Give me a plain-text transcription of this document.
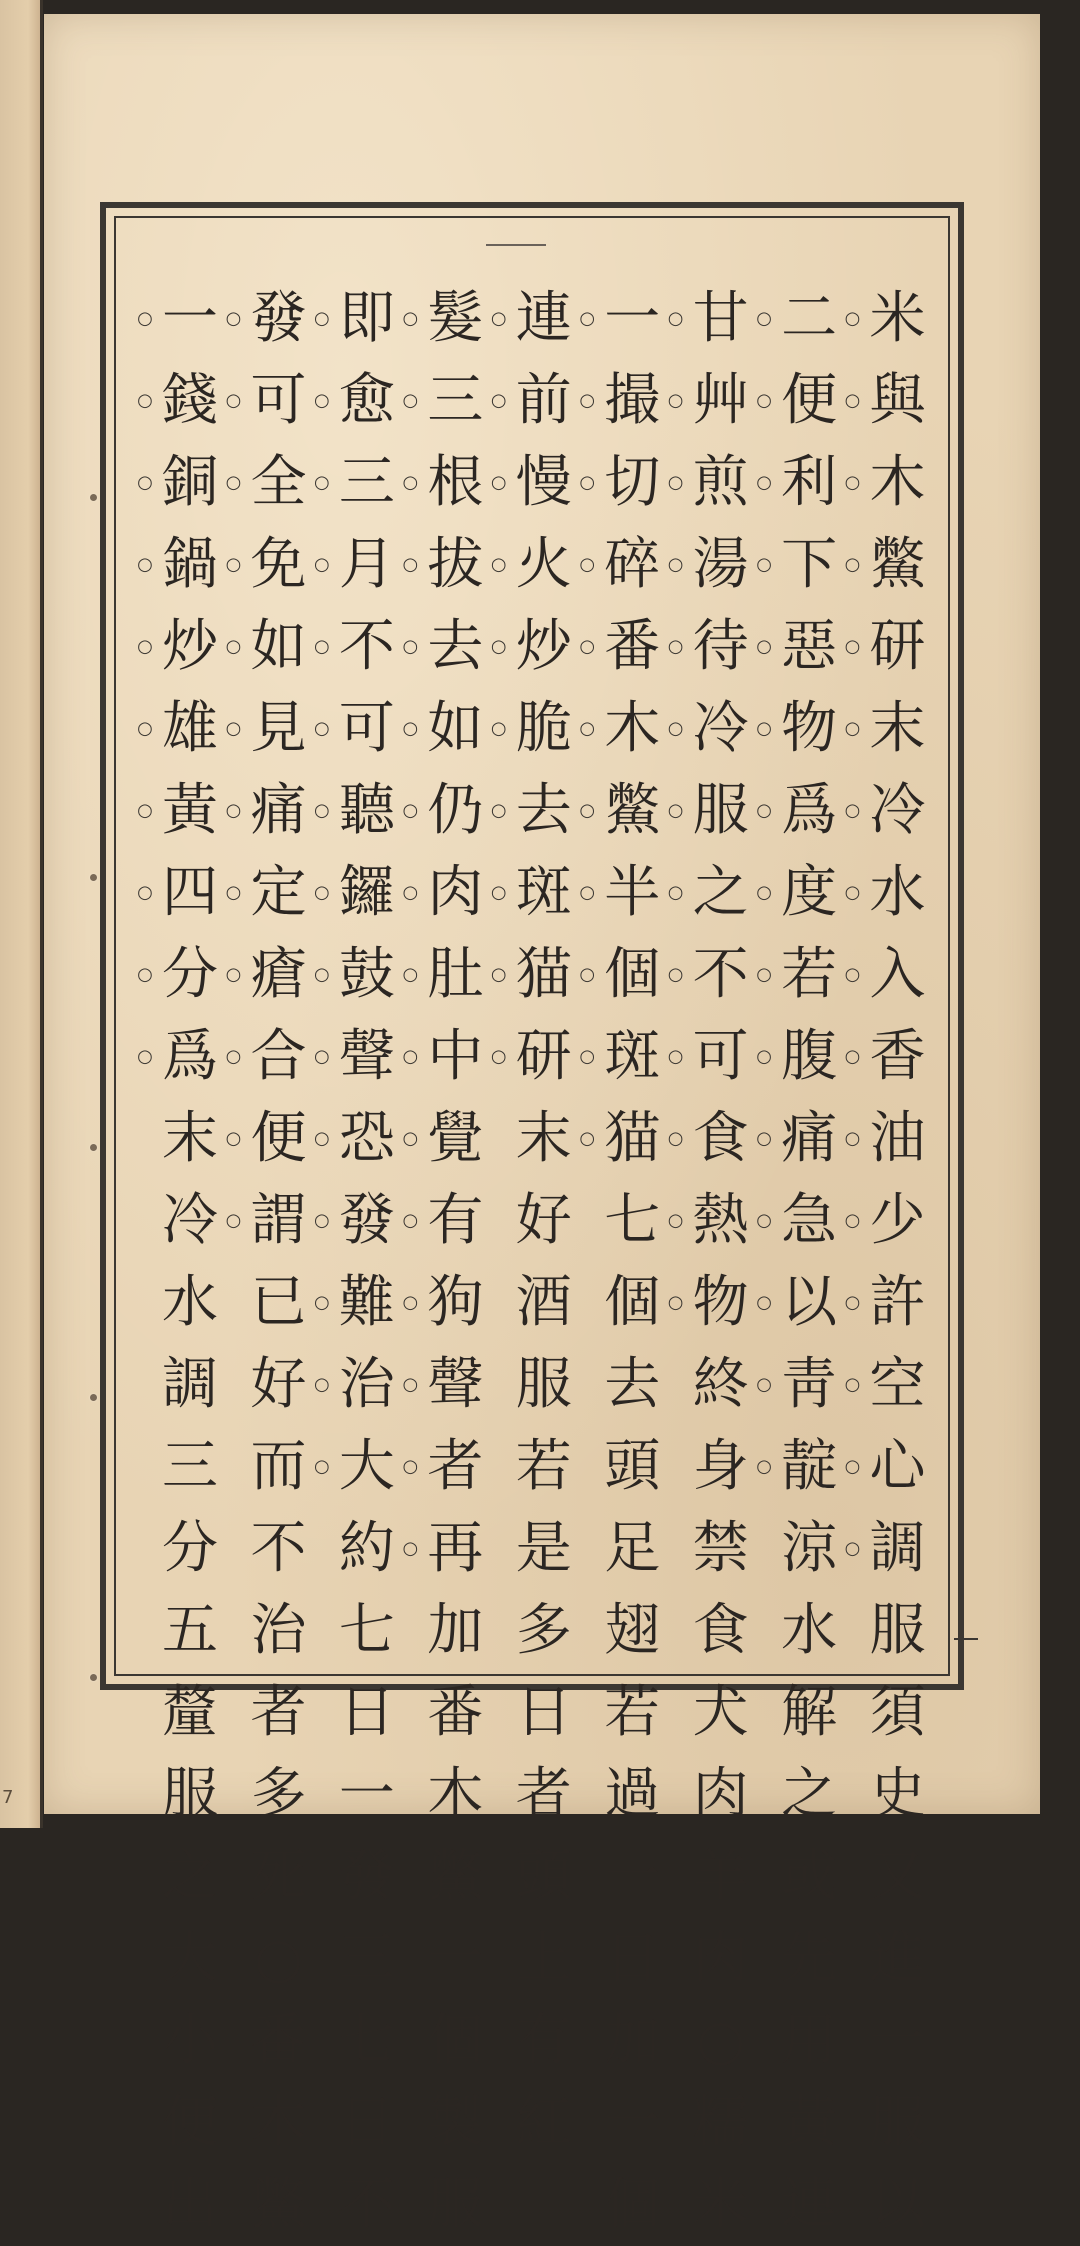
7
○○○○○○○○○○○○○○○○
米與木鱉研末冷水入香油少許空心調服須史又進一服以
○○○○○○○○○○○○○○○
二便利下惡物爲度若腹痛急以靑靛涼水解之或先用黃連
○○○○○○○○○○○○○
甘艸煎湯待冷服之不可食熱物終身禁食犬肉羊肉○糯米
○○○○○○○○○○○
一撮切碎番木鱉半個斑猫七個去頭足翅若過一日加一個
○○○○○○○○○○
連前慢火炒脆去斑猫研末好酒服若是多日者頭上有紅
○○○○○○○○○○○○○○○○
髮三根拔去如仍肉肚中覺有狗聲者再加番木鱉一個製服
○○○○○○○○○○○○○○○
即愈三月不可聽鑼鼓聲恐發難治大約七日一發三七日不
○○○○○○○○○○○○
發可全免如見痛定瘡合便謂已好而不治者多死○番木鱉
○○○○○○○○○○
一錢銅鍋炒雄黃四分爲末冷水調三分五釐服之大小便出
